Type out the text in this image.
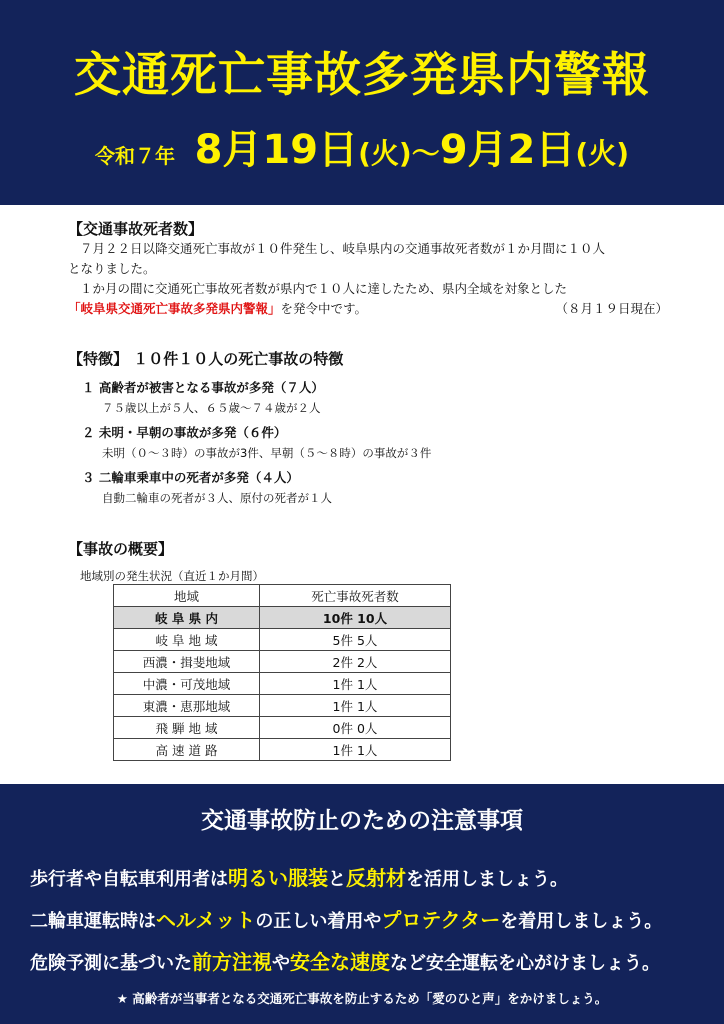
交通死亡事故多発県内警報
令和７年 8月19日(火)～9月2日(火)
【交通事故死者数】

７月２２日以降交通死亡事故が１０件発生し、岐阜県内の交通事故死者数が１か月間に１０人

となりました。

１か月の間に交通死亡事故死者数が県内で１０人に達したため、県内全域を対象とした

「岐阜県交通死亡事故多発県内警報」を発令中です。	（８月１９日現在）

【特徴】 １０件１０人の死亡事故の特徴
１ 高齢者が被害となる事故が多発（７人）
７５歳以上が５人、６５歳～７４歳が２人
２ 未明・早朝の事故が多発（６件）
未明（０～３時）の事故が3件、早朝（５～８時）の事故が３件
３ 二輪車乗車中の死者が多発（４人）
自動二輪車の死者が３人、原付の死者が１人
【事故の概要】
地域別の発生状況（直近１か月間）
地域	死亡事故死者数
岐 阜 県 内	10件 10人
岐 阜 地 域	5件 5人
西濃・揖斐地域	2件 2人
中濃・可茂地域	1件 1人
東濃・恵那地域	1件 1人
飛 騨 地 域	0件 0人
高 速 道 路	1件 1人
交通事故防止のための注意事項
歩行者や自転車利用者は明るい服装と反射材を活用しましょう。
二輪車運転時はヘルメットの正しい着用やプロテクターを着用しましょう。
危険予測に基づいた前方注視や安全な速度など安全運転を心がけましょう。
★ 高齢者が当事者となる交通死亡事故を防止するため「愛のひと声」をかけましょう。
